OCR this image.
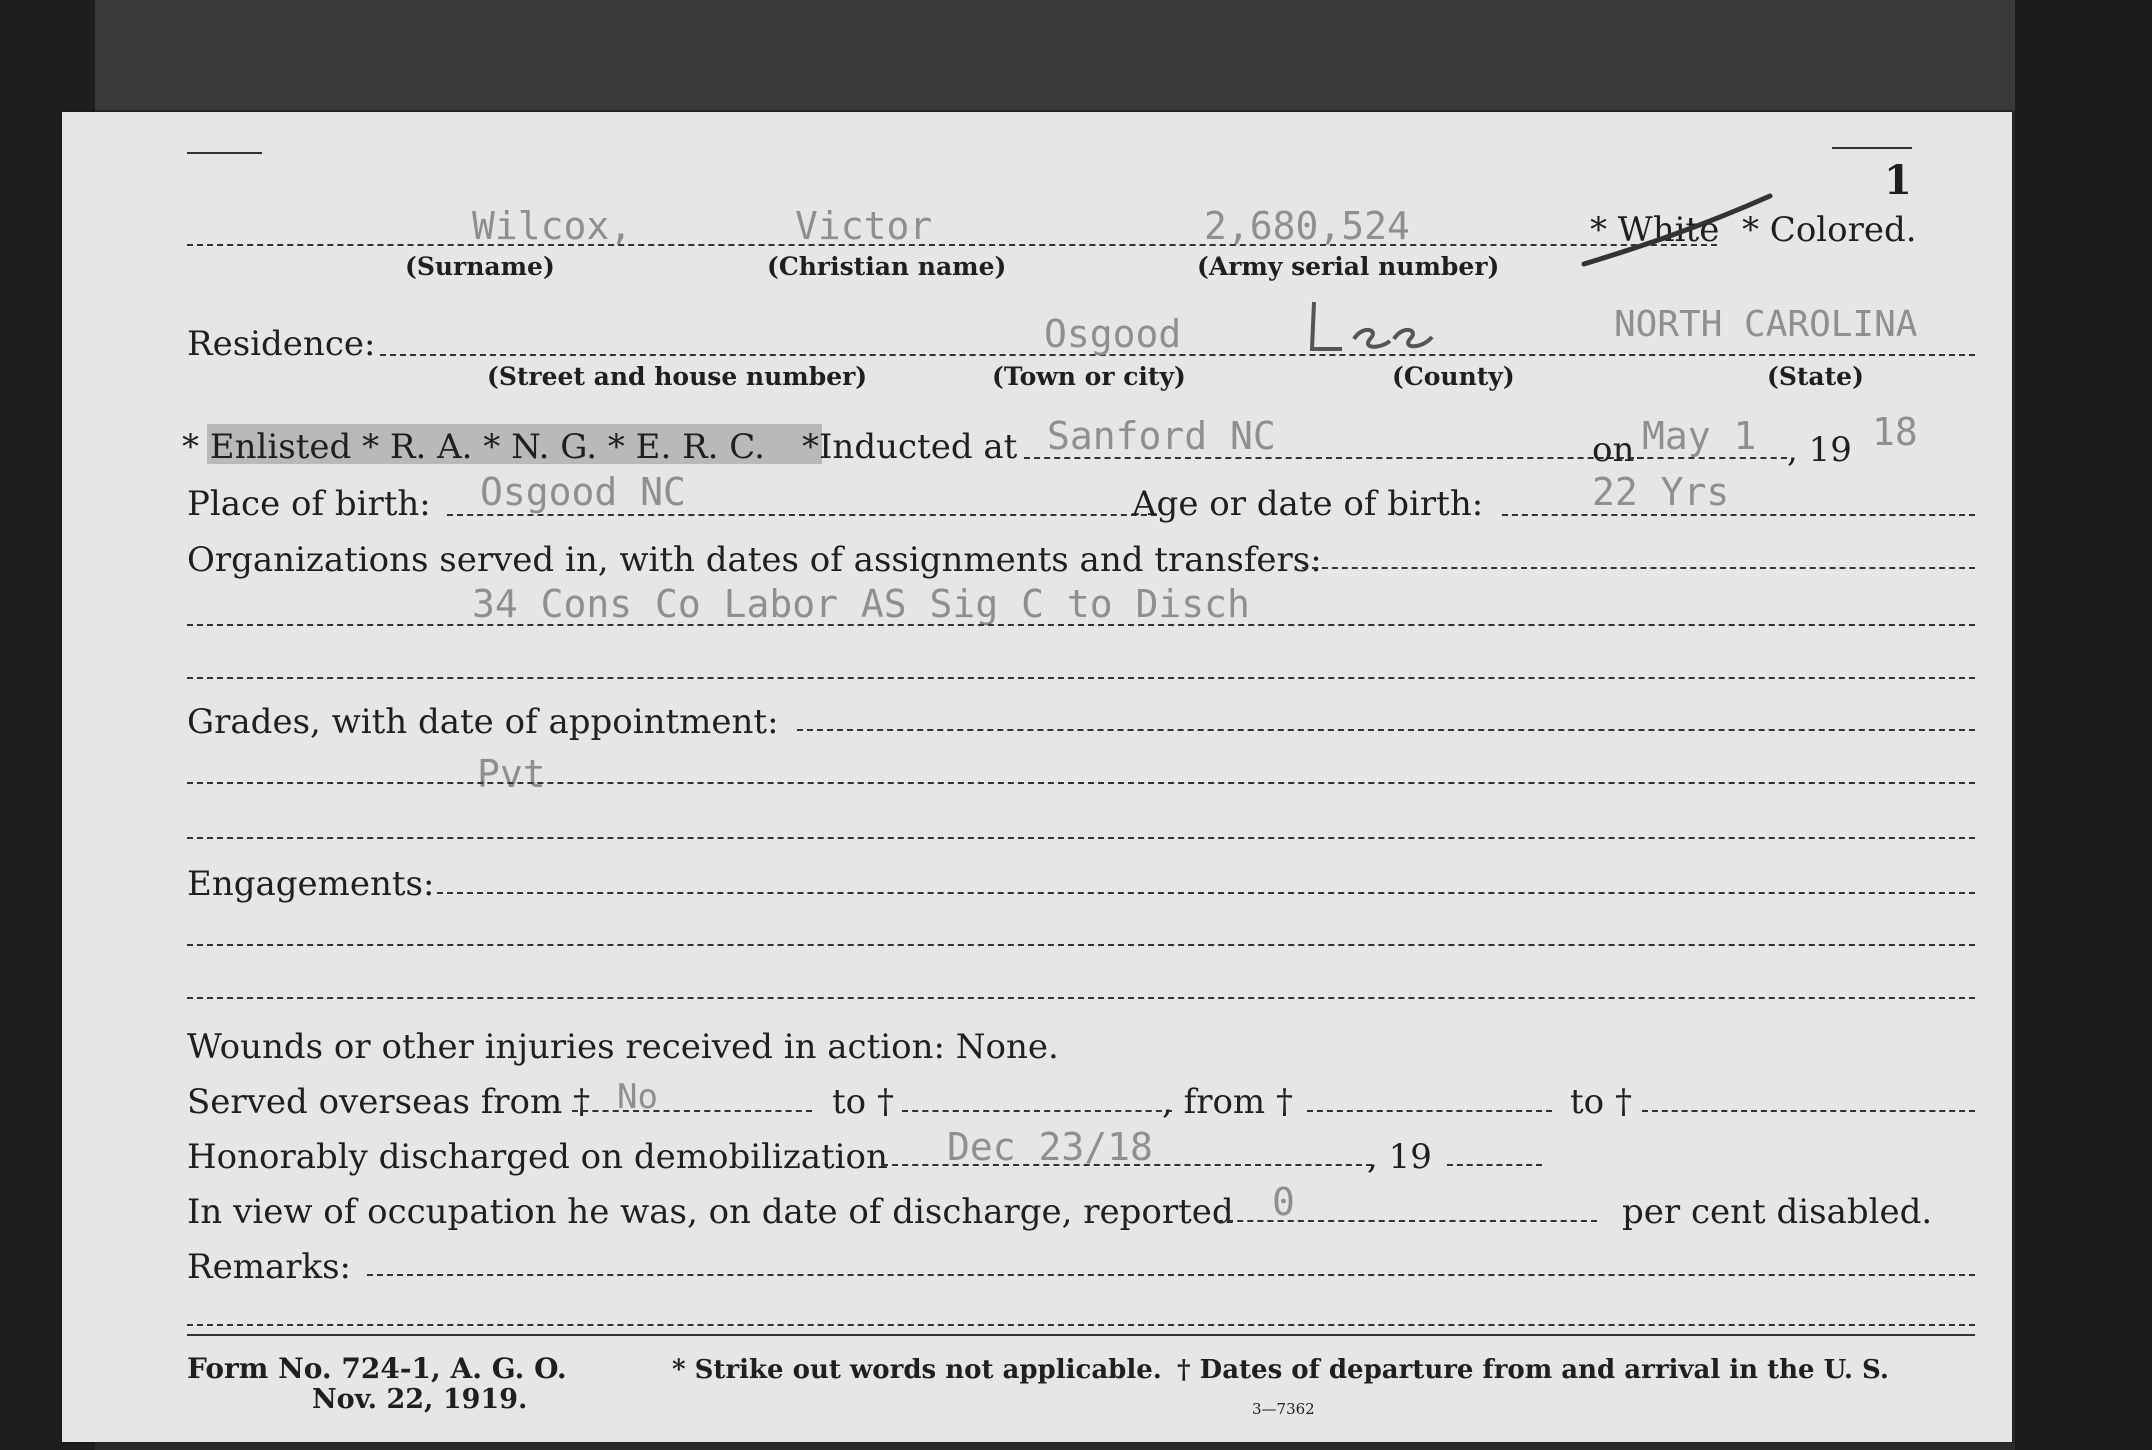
1
Wilcox,	Victor	2,680,524
(Surname)	(Christian name)	(Army serial number)
* White * Colored.
Residence:	Osgood	NORTH CAROLINA
(Street and house number)	(Town or city)	(County)	(State)
* Enlisted * R. A. * N. G. * E. R. C. *Inducted at Sanford NC	on May 1 , 19 18
Place of birth: Osgood NC	Age or date of birth:	22 Yrs
Organizations served in, with dates of assignments and transfers:
34 Cons Co Labor AS Sig C to Disch
Grades, with date of appointment:
Pvt
Engagements:
Wounds or other injuries received in action: None.
Served overseas from † No	to †	, from †	to †
Honorably discharged on demobilization Dec 23/18	, 19
In view of occupation he was, on date of discharge, reported 0	per cent disabled.
Remarks:
Form No. 724-1, A. G. O.
Nov. 22, 1919.
* Strike out words not applicable. † Dates of departure from and arrival in the U. S.
3—7362
